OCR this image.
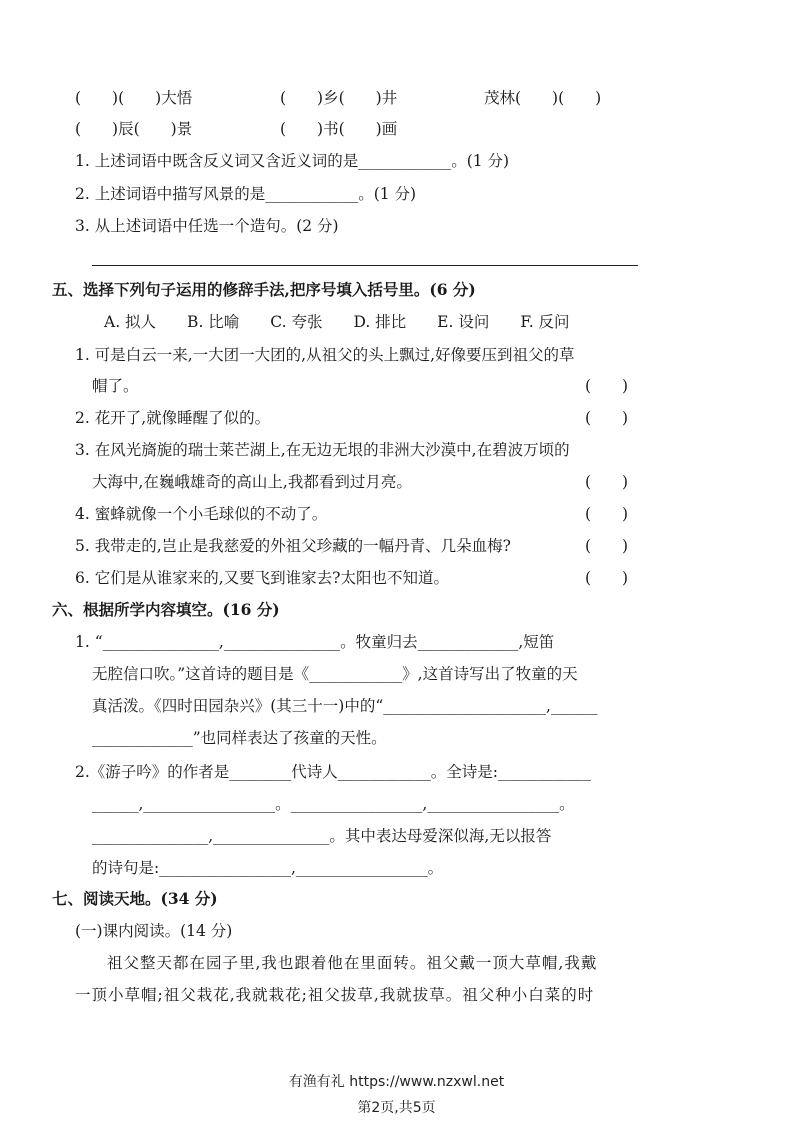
(　　)(　　)大悟	(　　)乡(　　)井	茂林(　　)(　　)
(　　)辰(　　)景	(　　)书(　　)画
1. 上述词语中既含反义词又含近义词的是____________。(1 分)
2. 上述词语中描写风景的是____________。(1 分)
3. 从上述词语中任选一个造句。(2 分)
五、选择下列句子运用的修辞手法,把序号填入括号里。(6 分)
A. 拟人　　B. 比喻　　C. 夸张　　D. 排比　　E. 设问　　F. 反问
1. 可是白云一来,一大团一大团的,从祖父的头上飘过,好像要压到祖父的草
帽了。	(　　)
2. 花开了,就像睡醒了似的。	(　　)
3. 在风光旖旎的瑞士莱芒湖上,在无边无垠的非洲大沙漠中,在碧波万顷的
大海中,在巍峨雄奇的高山上,我都看到过月亮。	(　　)
4. 蜜蜂就像一个小毛球似的不动了。	(　　)
5. 我带走的,岂止是我慈爱的外祖父珍藏的一幅丹青、几朵血梅?	(　　)
6. 它们是从谁家来的,又要飞到谁家去?太阳也不知道。	(　　)
六、根据所学内容填空。(16 分)
1. “_______________,_______________。牧童归去_____________,短笛
无腔信口吹。”这首诗的题目是《____________》,这首诗写出了牧童的天
真活泼。《四时田园杂兴》(其三十一)中的“_____________________,______
_____________”也同样表达了孩童的天性。
2.《游子吟》的作者是________代诗人____________。全诗是:____________
______,_________________。_________________,_________________。
_______________,_______________。其中表达母爱深似海,无以报答
的诗句是:_________________,_________________。
七、阅读天地。(34 分)
(一)课内阅读。(14 分)
祖父整天都在园子里,我也跟着他在里面转。祖父戴一顶大草帽,我戴
一顶小草帽;祖父栽花,我就栽花;祖父拔草,我就拔草。祖父种小白菜的时
有渔有礼 https://www.nzxwl.net
第2页,共5页
